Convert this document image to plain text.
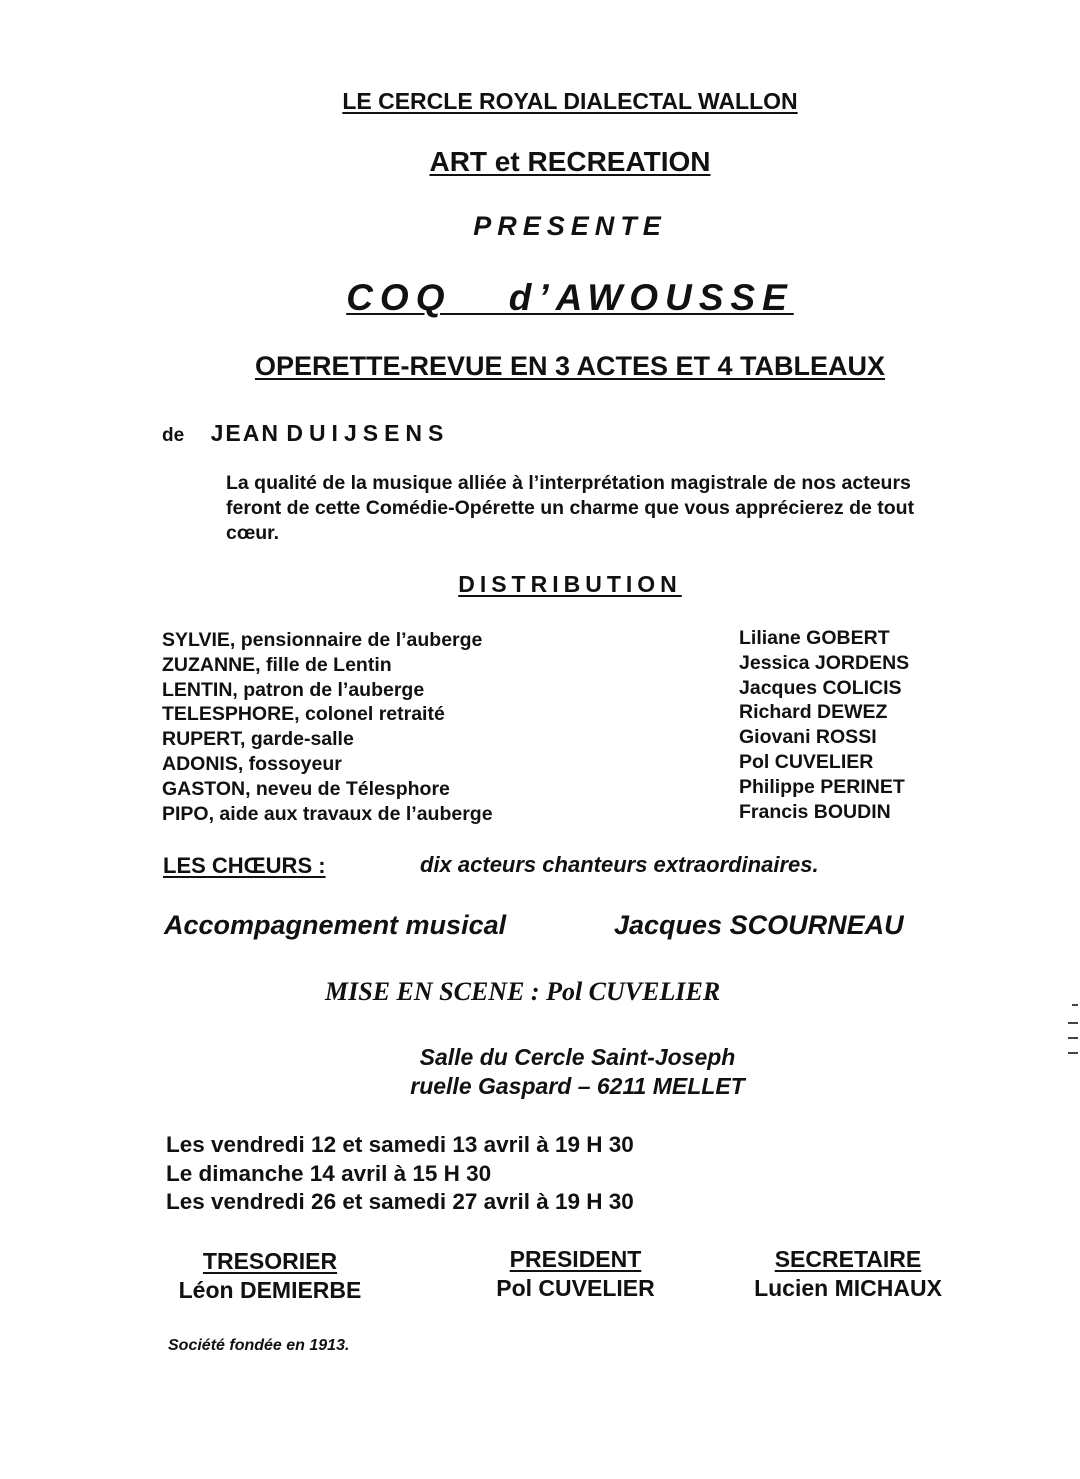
LE CERCLE ROYAL DIALECTAL WALLON
ART et RECREATION
PRESENTE
COQ d’AWOUSSE
OPERETTE-REVUE EN 3 ACTES ET 4 TABLEAUX
de JEAN DUIJSENS
La qualité de la musique alliée à l’interprétation magistrale de nos acteurs feront de cette Comédie-Opérette un charme que vous apprécierez de tout cœur.
DISTRIBUTION
SYLVIE, pensionnaire de l’auberge
ZUZANNE, fille de Lentin
LENTIN, patron de l’auberge
TELESPHORE, colonel retraité
RUPERT, garde-salle
ADONIS, fossoyeur
GASTON, neveu de Télesphore
PIPO, aide aux travaux de l’auberge
Liliane GOBERT
Jessica JORDENS
Jacques COLICIS
Richard DEWEZ
Giovani ROSSI
Pol CUVELIER
Philippe PERINET
Francis BOUDIN
LES CHŒURS :	dix acteurs chanteurs extraordinaires.
Accompagnement musical	Jacques SCOURNEAU
MISE EN SCENE : Pol CUVELIER
Salle du Cercle Saint-Joseph
ruelle Gaspard – 6211 MELLET
Les vendredi 12 et samedi 13 avril à 19 H 30
Le dimanche 14 avril à 15 H 30
Les vendredi 26 et samedi 27 avril à 19 H 30
TRESORIER
Léon DEMIERBE
PRESIDENT
Pol CUVELIER
SECRETAIRE
Lucien MICHAUX
Société fondée en 1913.
